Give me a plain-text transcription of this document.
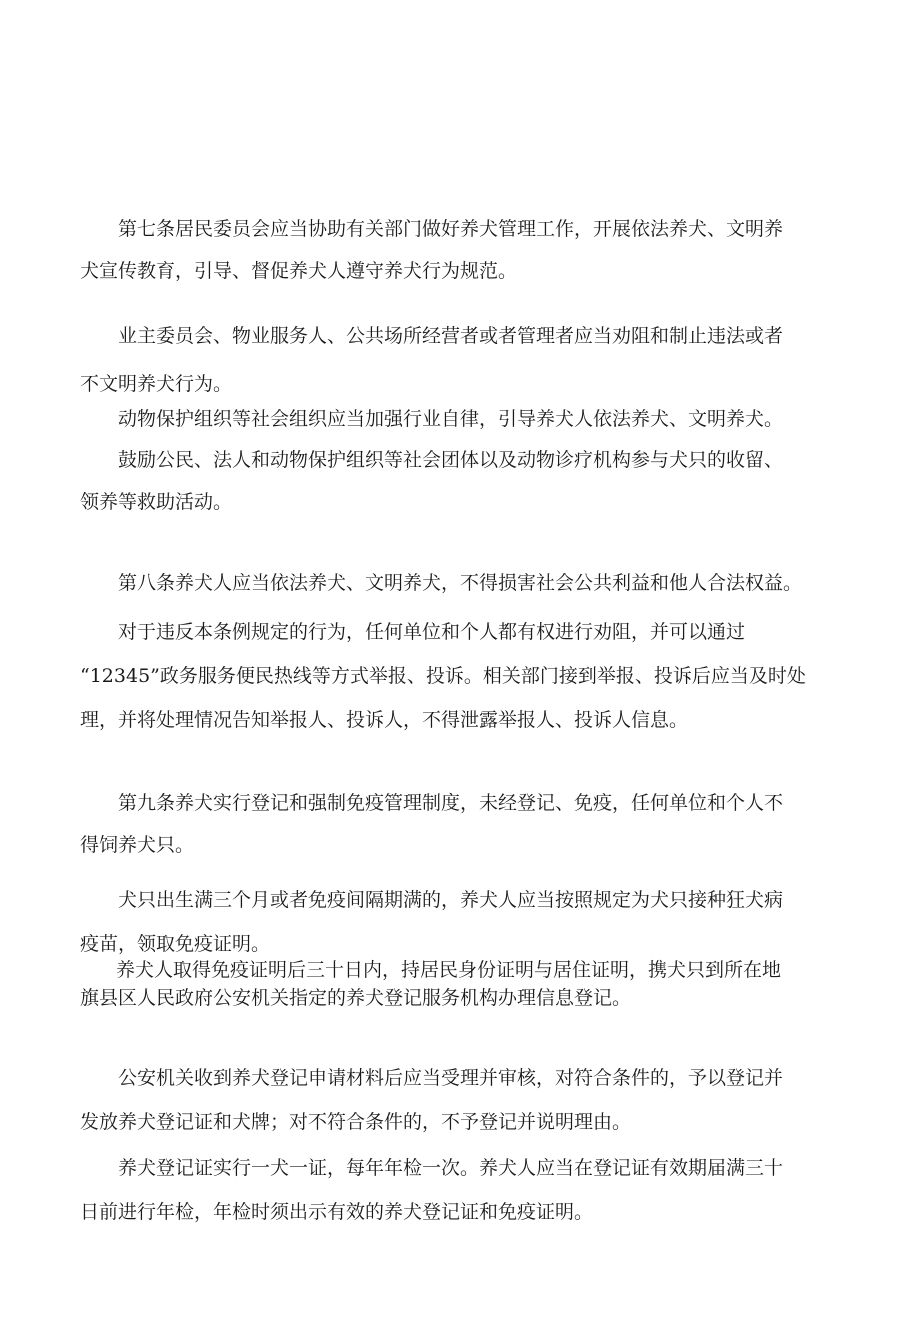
第七条居民委员会应当协助有关部门做好养犬管理工作，开展依法养犬、文明养
犬宣传教育，引导、督促养犬人遵守养犬行为规范。

业主委员会、物业服务人、公共场所经营者或者管理者应当劝阻和制止违法或者
不文明养犬行为。

动物保护组织等社会组织应当加强行业自律，引导养犬人依法养犬、文明养犬。

鼓励公民、法人和动物保护组织等社会团体以及动物诊疗机构参与犬只的收留、
领养等救助活动。

第八条养犬人应当依法养犬、文明养犬，不得损害社会公共利益和他人合法权益。

对于违反本条例规定的行为，任何单位和个人都有权进行劝阻，并可以通过
“12345”政务服务便民热线等方式举报、投诉。相关部门接到举报、投诉后应当及时处
理，并将处理情况告知举报人、投诉人，不得泄露举报人、投诉人信息。

第九条养犬实行登记和强制免疫管理制度，未经登记、免疫，任何单位和个人不
得饲养犬只。

犬只出生满三个月或者免疫间隔期满的，养犬人应当按照规定为犬只接种狂犬病
疫苗，领取免疫证明。

养犬人取得免疫证明后三十日内，持居民身份证明与居住证明，携犬只到所在地
旗县区人民政府公安机关指定的养犬登记服务机构办理信息登记。

公安机关收到养犬登记申请材料后应当受理并审核，对符合条件的，予以登记并
发放养犬登记证和犬牌；对不符合条件的，不予登记并说明理由。

养犬登记证实行一犬一证，每年年检一次。养犬人应当在登记证有效期届满三十
日前进行年检，年检时须出示有效的养犬登记证和免疫证明。
